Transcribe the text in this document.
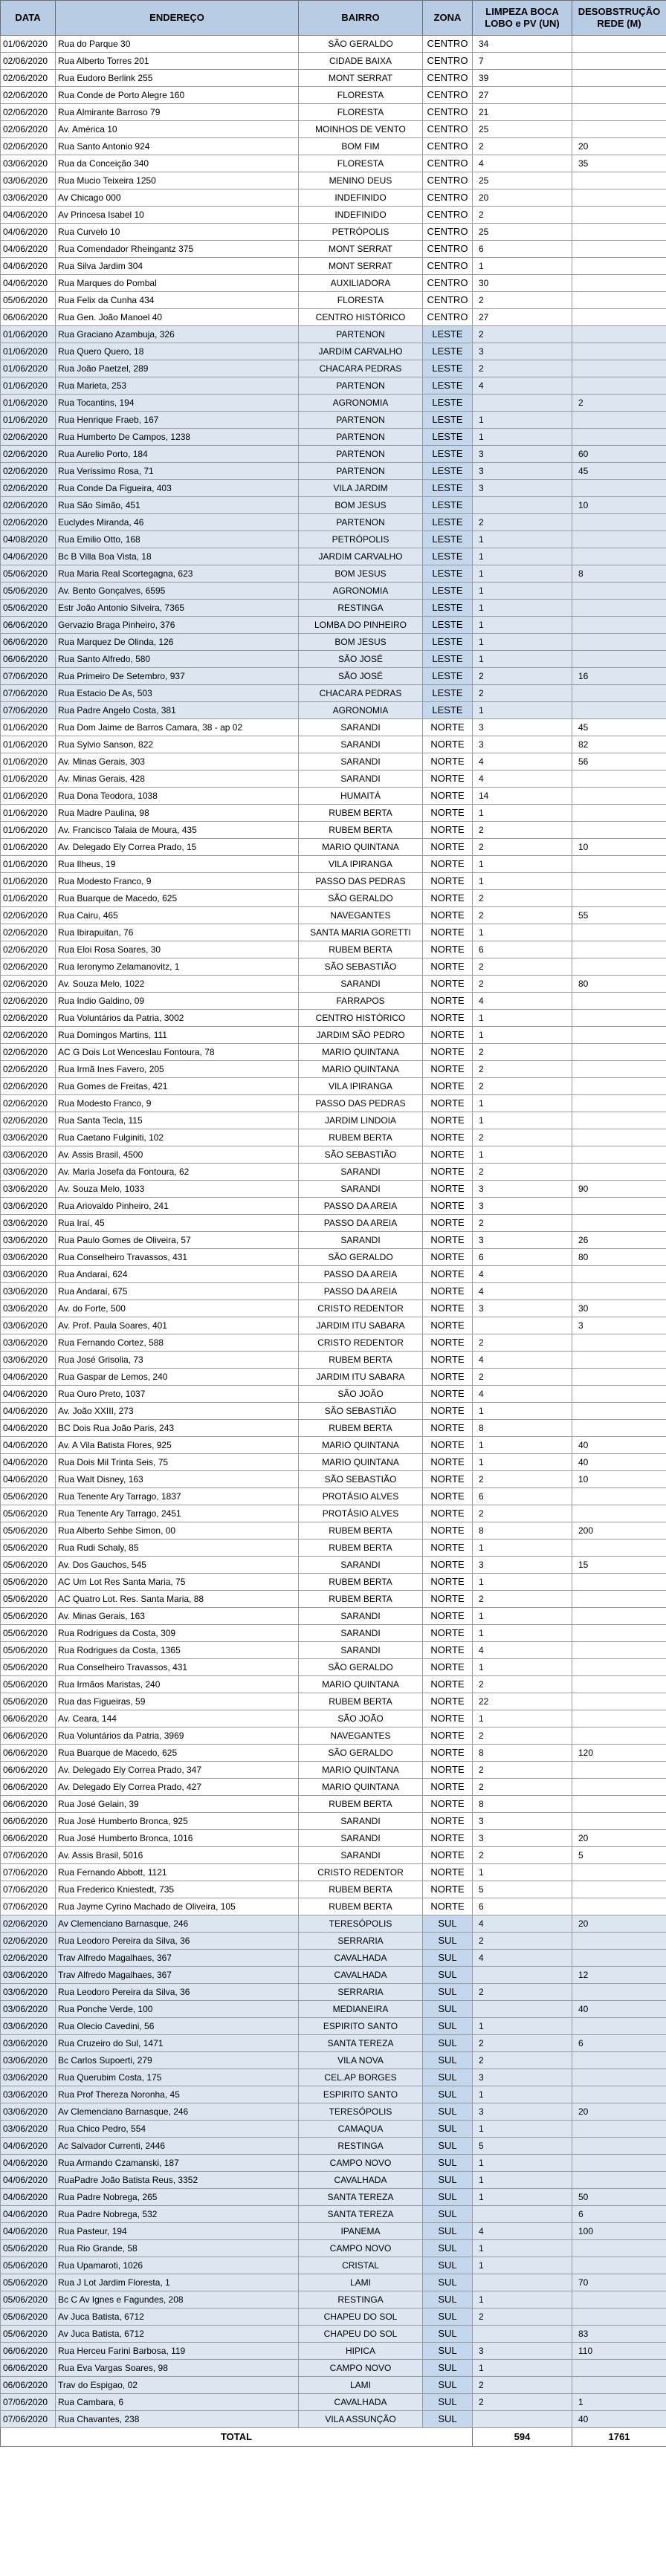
DATA	ENDEREÇO	BAIRRO	ZONA	LIMPEZA BOCA LOBO e PV (UN)	DESOBSTRUÇÃO REDE (M)
01/06/2020	Rua do Parque 30	SÃO GERALDO	CENTRO	34	
02/06/2020	Rua Alberto Torres 201	CIDADE BAIXA	CENTRO	7	
02/06/2020	Rua Eudoro Berlink 255	MONT SERRAT	CENTRO	39	
02/06/2020	Rua Conde de Porto Alegre 160	FLORESTA	CENTRO	27	
02/06/2020	Rua Almirante Barroso 79	FLORESTA	CENTRO	21	
02/06/2020	Av. América 10	MOINHOS DE VENTO	CENTRO	25	
02/06/2020	Rua Santo Antonio 924	BOM FIM	CENTRO	2	20
03/06/2020	Rua da Conceição 340	FLORESTA	CENTRO	4	35
03/06/2020	Rua Mucio Teixeira 1250	MENINO DEUS	CENTRO	25	
03/06/2020	Av Chicago 000	INDEFINIDO	CENTRO	20	
04/06/2020	Av Princesa Isabel 10	INDEFINIDO	CENTRO	2	
04/06/2020	Rua Curvelo 10	PETRÓPOLIS	CENTRO	25	
04/06/2020	Rua Comendador Rheingantz 375	MONT SERRAT	CENTRO	6	
04/06/2020	Rua Silva Jardim 304	MONT SERRAT	CENTRO	1	
04/06/2020	Rua Marques do Pombal	AUXILIADORA	CENTRO	30	
05/06/2020	Rua Felix da Cunha 434	FLORESTA	CENTRO	2	
06/06/2020	Rua Gen. João Manoel 40	CENTRO HISTÓRICO	CENTRO	27	
01/06/2020	Rua Graciano Azambuja, 326	PARTENON	LESTE	2	
01/06/2020	Rua Quero Quero, 18	JARDIM CARVALHO	LESTE	3	
01/06/2020	Rua João Paetzel, 289	CHACARA PEDRAS	LESTE	2	
01/06/2020	Rua Marieta, 253	PARTENON	LESTE	4	
01/06/2020	Rua Tocantins, 194	AGRONOMIA	LESTE		2
01/06/2020	Rua Henrique Fraeb, 167	PARTENON	LESTE	1	
02/06/2020	Rua Humberto De Campos, 1238	PARTENON	LESTE	1	
02/06/2020	Rua Aurelio Porto, 184	PARTENON	LESTE	3	60
02/06/2020	Rua Verissimo Rosa, 71	PARTENON	LESTE	3	45
02/06/2020	Rua Conde Da Figueira, 403	VILA JARDIM	LESTE	3	
02/06/2020	Rua São Simão, 451	BOM JESUS	LESTE		10
02/06/2020	Euclydes Miranda, 46	PARTENON	LESTE	2	
04/08/2020	Rua Emilio Otto, 168	PETRÓPOLIS	LESTE	1	
04/06/2020	Bc B Villa Boa Vista, 18	JARDIM CARVALHO	LESTE	1	
05/06/2020	Rua Maria Real Scortegagna, 623	BOM JESUS	LESTE	1	8
05/06/2020	Av. Bento Gonçalves, 6595	AGRONOMIA	LESTE	1	
05/06/2020	Estr João Antonio Silveira, 7365	RESTINGA	LESTE	1	
06/06/2020	Gervazio Braga Pinheiro, 376	LOMBA DO PINHEIRO	LESTE	1	
06/06/2020	Rua Marquez De Olinda, 126	BOM JESUS	LESTE	1	
06/06/2020	Rua Santo Alfredo, 580	SÃO JOSÉ	LESTE	1	
07/06/2020	Rua Primeiro De Setembro, 937	SÃO JOSÉ	LESTE	2	16
07/06/2020	Rua Estacio De As, 503	CHACARA PEDRAS	LESTE	2	
07/06/2020	Rua Padre Angelo Costa, 381	AGRONOMIA	LESTE	1	
01/06/2020	Rua Dom Jaime de Barros Camara, 38 - ap 02	SARANDI	NORTE	3	45
01/06/2020	Rua Sylvio Sanson, 822	SARANDI	NORTE	3	82
01/06/2020	Av. Minas Gerais, 303	SARANDI	NORTE	4	56
01/06/2020	Av. Minas Gerais, 428	SARANDI	NORTE	4	
01/06/2020	Rua Dona Teodora, 1038	HUMAITÁ	NORTE	14	
01/06/2020	Rua Madre Paulina, 98	RUBEM BERTA	NORTE	1	
01/06/2020	Av. Francisco Talaia de Moura, 435	RUBEM BERTA	NORTE	2	
01/06/2020	Av. Delegado Ely Correa Prado, 15	MARIO QUINTANA	NORTE	2	10
01/06/2020	Rua Ilheus, 19	VILA IPIRANGA	NORTE	1	
01/06/2020	Rua Modesto Franco, 9	PASSO DAS PEDRAS	NORTE	1	
01/06/2020	Rua Buarque de Macedo, 625	SÃO GERALDO	NORTE	2	
02/06/2020	Rua Cairu, 465	NAVEGANTES	NORTE	2	55
02/06/2020	Rua Ibirapuitan, 76	SANTA MARIA GORETTI	NORTE	1	
02/06/2020	Rua Eloi Rosa Soares, 30	RUBEM BERTA	NORTE	6	
02/06/2020	Rua Ieronymo Zelamanovitz, 1	SÃO SEBASTIÃO	NORTE	2	
02/06/2020	Av. Souza Melo, 1022	SARANDI	NORTE	2	80
02/06/2020	Rua Indio Galdino, 09	FARRAPOS	NORTE	4	
02/06/2020	Rua Voluntários da Patria, 3002	CENTRO HISTÓRICO	NORTE	1	
02/06/2020	Rua Domingos Martins, 111	JARDIM SÃO PEDRO	NORTE	1	
02/06/2020	AC G Dois Lot Wenceslau Fontoura, 78	MARIO QUINTANA	NORTE	2	
02/06/2020	Rua Irmã Ines Favero, 205	MARIO QUINTANA	NORTE	2	
02/06/2020	Rua Gomes de Freitas, 421	VILA IPIRANGA	NORTE	2	
02/06/2020	Rua Modesto Franco, 9	PASSO DAS PEDRAS	NORTE	1	
02/06/2020	Rua Santa Tecla, 115	JARDIM LINDOIA	NORTE	1	
03/06/2020	Rua Caetano Fulginiti, 102	RUBEM BERTA	NORTE	2	
03/06/2020	Av. Assis Brasil, 4500	SÃO SEBASTIÃO	NORTE	1	
03/06/2020	Av. Maria Josefa da Fontoura, 62	SARANDI	NORTE	2	
03/06/2020	Av. Souza Melo, 1033	SARANDI	NORTE	3	90
03/06/2020	Rua Ariovaldo Pinheiro, 241	PASSO DA AREIA	NORTE	3	
03/06/2020	Rua Iraí, 45	PASSO DA AREIA	NORTE	2	
03/06/2020	Rua Paulo Gomes de Oliveira, 57	SARANDI	NORTE	3	26
03/06/2020	Rua Conselheiro Travassos, 431	SÃO GERALDO	NORTE	6	80
03/06/2020	Rua Andaraí, 624	PASSO DA AREIA	NORTE	4	
03/06/2020	Rua Andaraí, 675	PASSO DA AREIA	NORTE	4	
03/06/2020	Av. do Forte, 500	CRISTO REDENTOR	NORTE	3	30
03/06/2020	Av. Prof. Paula Soares, 401	JARDIM ITU SABARA	NORTE		3
03/06/2020	Rua Fernando Cortez, 588	CRISTO REDENTOR	NORTE	2	
03/06/2020	Rua José Grisolia, 73	RUBEM BERTA	NORTE	4	
04/06/2020	Rua Gaspar de Lemos, 240	JARDIM ITU SABARA	NORTE	2	
04/06/2020	Rua Ouro Preto, 1037	SÃO JOÃO	NORTE	4	
04/06/2020	Av. João XXIII, 273	SÃO SEBASTIÃO	NORTE	1	
04/06/2020	BC Dois Rua João Paris, 243	RUBEM BERTA	NORTE	8	
04/06/2020	Av. A Vila Batista Flores, 925	MARIO QUINTANA	NORTE	1	40
04/06/2020	Rua Dois Mil Trinta Seis, 75	MARIO QUINTANA	NORTE	1	40
04/06/2020	Rua Walt Disney, 163	SÃO SEBASTIÃO	NORTE	2	10
05/06/2020	Rua Tenente Ary Tarrago, 1837	PROTÁSIO ALVES	NORTE	6	
05/06/2020	Rua Tenente Ary Tarrago, 2451	PROTÁSIO ALVES	NORTE	2	
05/06/2020	Rua Alberto Sehbe Simon, 00	RUBEM BERTA	NORTE	8	200
05/06/2020	Rua Rudi Schaly, 85	RUBEM BERTA	NORTE	1	
05/06/2020	Av. Dos Gauchos, 545	SARANDI	NORTE	3	15
05/06/2020	AC Um Lot Res Santa Maria, 75	RUBEM BERTA	NORTE	1	
05/06/2020	AC Quatro Lot. Res. Santa Maria, 88	RUBEM BERTA	NORTE	2	
05/06/2020	Av. Minas Gerais, 163	SARANDI	NORTE	1	
05/06/2020	Rua Rodrigues da Costa, 309	SARANDI	NORTE	1	
05/06/2020	Rua Rodrigues da Costa, 1365	SARANDI	NORTE	4	
05/06/2020	Rua Conselheiro Travassos, 431	SÃO GERALDO	NORTE	1	
05/06/2020	Rua Irmãos Maristas, 240	MARIO QUINTANA	NORTE	2	
05/06/2020	Rua das Figueiras, 59	RUBEM BERTA	NORTE	22	
06/06/2020	Av. Ceara, 144	SÃO JOÃO	NORTE	1	
06/06/2020	Rua Voluntários da Patria, 3969	NAVEGANTES	NORTE	2	
06/06/2020	Rua Buarque de Macedo, 625	SÃO GERALDO	NORTE	8	120
06/06/2020	Av. Delegado Ely Correa Prado, 347	MARIO QUINTANA	NORTE	2	
06/06/2020	Av. Delegado Ely Correa Prado, 427	MARIO QUINTANA	NORTE	2	
06/06/2020	Rua José Gelain, 39	RUBEM BERTA	NORTE	8	
06/06/2020	Rua José Humberto Bronca, 925	SARANDI	NORTE	3	
06/06/2020	Rua José Humberto Bronca, 1016	SARANDI	NORTE	3	20
07/06/2020	Av. Assis Brasil, 5016	SARANDI	NORTE	2	5
07/06/2020	Rua Fernando Abbott, 1121	CRISTO REDENTOR	NORTE	1	
07/06/2020	Rua Frederico Kniestedt, 735	RUBEM BERTA	NORTE	5	
07/06/2020	Rua Jayme Cyrino Machado de Oliveira, 105	RUBEM BERTA	NORTE	6	
02/06/2020	Av Clemenciano Barnasque, 246	TERESÓPOLIS	SUL	4	20
02/06/2020	Rua Leodoro Pereira da Silva, 36	SERRARIA	SUL	2	
02/06/2020	Trav Alfredo Magalhaes, 367	CAVALHADA	SUL	4	
03/06/2020	Trav Alfredo Magalhaes, 367	CAVALHADA	SUL		12
03/06/2020	Rua Leodoro Pereira da Silva, 36	SERRARIA	SUL	2	
03/06/2020	Rua Ponche Verde, 100	MEDIANEIRA	SUL		40
03/06/2020	Rua Olecio Cavedini, 56	ESPIRITO SANTO	SUL	1	
03/06/2020	Rua Cruzeiro do Sul, 1471	SANTA TEREZA	SUL	2	6
03/06/2020	Bc Carlos Supoerti, 279	VILA NOVA	SUL	2	
03/06/2020	Rua Querubim Costa, 175	CEL.AP BORGES	SUL	3	
03/06/2020	Rua Prof Thereza Noronha, 45	ESPIRITO SANTO	SUL	1	
03/06/2020	Av Clemenciano Barnasque, 246	TERESÓPOLIS	SUL	3	20
03/06/2020	Rua Chico Pedro, 554	CAMAQUA	SUL	1	
04/06/2020	Ac Salvador Currenti, 2446	RESTINGA	SUL	5	
04/06/2020	Rua Armando Czamanski, 187	CAMPO NOVO	SUL	1	
04/06/2020	RuaPadre João Batista Reus, 3352	CAVALHADA	SUL	1	
04/06/2020	Rua Padre Nobrega, 265	SANTA TEREZA	SUL	1	50
04/06/2020	Rua Padre Nobrega, 532	SANTA TEREZA	SUL		6
04/06/2020	Rua Pasteur, 194	IPANEMA	SUL	4	100
05/06/2020	Rua Rio Grande, 58	CAMPO NOVO	SUL	1	
05/06/2020	Rua Upamaroti, 1026	CRISTAL	SUL	1	
05/06/2020	Rua J Lot Jardim Floresta, 1	LAMI	SUL		70
05/06/2020	Bc C Av Ignes e Fagundes, 208	RESTINGA	SUL	1	
05/06/2020	Av Juca Batista, 6712	CHAPEU DO SOL	SUL	2	
05/06/2020	Av Juca Batista, 6712	CHAPEU DO SOL	SUL		83
06/06/2020	Rua Herceu Farini Barbosa, 119	HIPICA	SUL	3	110
06/06/2020	Rua Eva Vargas Soares, 98	CAMPO NOVO	SUL	1	
06/06/2020	Trav do Espigao, 02	LAMI	SUL	2	
07/06/2020	Rua Cambara, 6	CAVALHADA	SUL	2	1
07/06/2020	Rua Chavantes, 238	VILA ASSUNÇÃO	SUL		40
TOTAL				594	1761
